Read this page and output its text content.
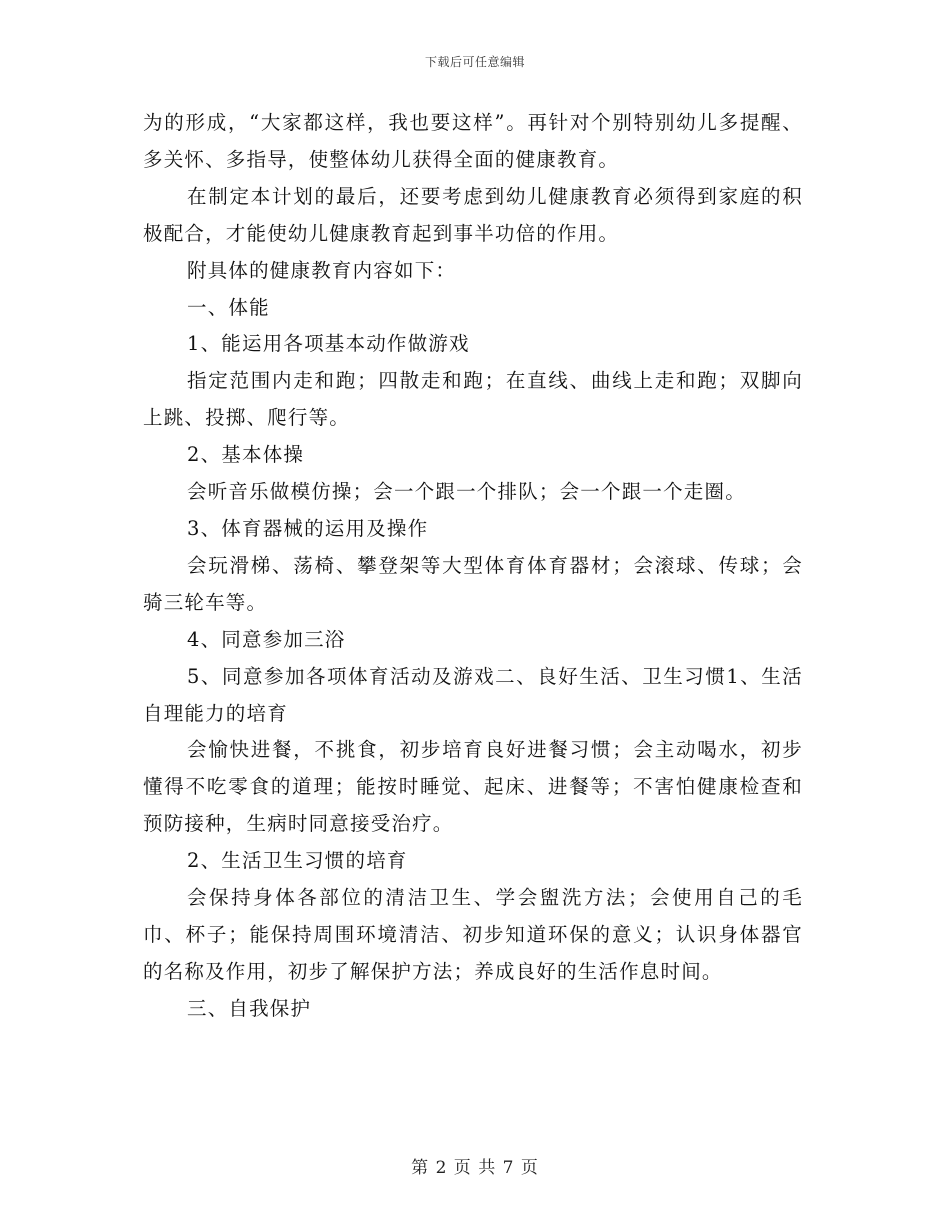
下载后可任意编辑

为的形成，“大家都这样，我也要这样”。再针对个别特别幼儿多提醒、多关怀、多指导，使整体幼儿获得全面的健康教育。

在制定本计划的最后，还要考虑到幼儿健康教育必须得到家庭的积极配合，才能使幼儿健康教育起到事半功倍的作用。

附具体的健康教育内容如下：

一、体能

1、能运用各项基本动作做游戏

指定范围内走和跑；四散走和跑；在直线、曲线上走和跑；双脚向上跳、投掷、爬行等。

2、基本体操

会听音乐做模仿操；会一个跟一个排队；会一个跟一个走圈。

3、体育器械的运用及操作

会玩滑梯、荡椅、攀登架等大型体育体育器材；会滚球、传球；会骑三轮车等。

4、同意参加三浴

5、同意参加各项体育活动及游戏二、良好生活、卫生习惯1、生活自理能力的培育

会愉快进餐，不挑食，初步培育良好进餐习惯；会主动喝水，初步懂得不吃零食的道理；能按时睡觉、起床、进餐等；不害怕健康检查和预防接种，生病时同意接受治疗。

2、生活卫生习惯的培育

会保持身体各部位的清洁卫生、学会盥洗方法；会使用自己的毛巾、杯子；能保持周围环境清洁、初步知道环保的意义；认识身体器官的名称及作用，初步了解保护方法；养成良好的生活作息时间。

三、自我保护

第 2 页 共 7 页
